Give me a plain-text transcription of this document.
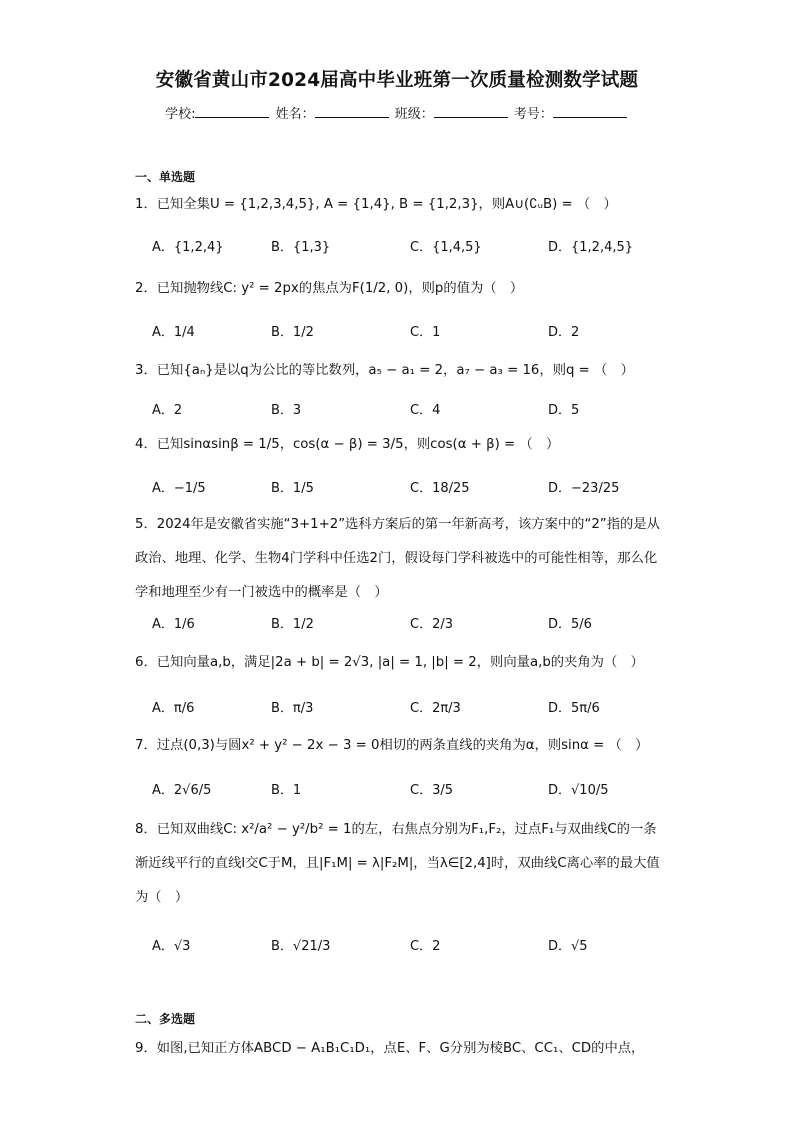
安徽省黄山市2024届高中毕业班第一次质量检测数学试题
学校:	姓名：	班级：	考号：
一、单选题
1．已知全集U = {1,2,3,4,5}, A = {1,4}, B = {1,2,3}，则A∪(∁ᵤB) = （　）
A．{1,2,4}	B．{1,3}	C．{1,4,5}	D．{1,2,4,5}
2．已知抛物线C: y² = 2px的焦点为F(1/2, 0)，则p的值为（　）
A．1/4	B．1/2	C．1	D．2
3．已知{aₙ}是以q为公比的等比数列，a₅ − a₁ = 2，a₇ − a₃ = 16，则q = （　）
A．2	B．3	C．4	D．5
4．已知sinαsinβ = 1/5，cos(α − β) = 3/5，则cos(α + β) = （　）
A．−1/5	B．1/5	C．18/25	D．−23/25
5．2024年是安徽省实施“3+1+2”选科方案后的第一年新高考，该方案中的“2”指的是从政治、地理、化学、生物4门学科中任选2门，假设每门学科被选中的可能性相等，那么化学和地理至少有一门被选中的概率是（　）
A．1/6	B．1/2	C．2/3	D．5/6
6．已知向量a,b，满足|2a + b| = 2√3, |a| = 1, |b| = 2，则向量a,b的夹角为（　）
A．π/6	B．π/3	C．2π/3	D．5π/6
7．过点(0,3)与圆x² + y² − 2x − 3 = 0相切的两条直线的夹角为α，则sinα = （　）
A．2√6/5	B．1	C．3/5	D．√10/5
8．已知双曲线C: x²/a² − y²/b² = 1的左，右焦点分别为F₁,F₂，过点F₁与双曲线C的一条渐近线平行的直线l交C于M，且|F₁M| = λ|F₂M|，当λ∈[2,4]时，双曲线C离心率的最大值为（　）
A．√3	B．√21/3	C．2	D．√5
二、多选题
9．如图,已知正方体ABCD − A₁B₁C₁D₁，点E、F、G分别为棱BC、CC₁、CD的中点，
